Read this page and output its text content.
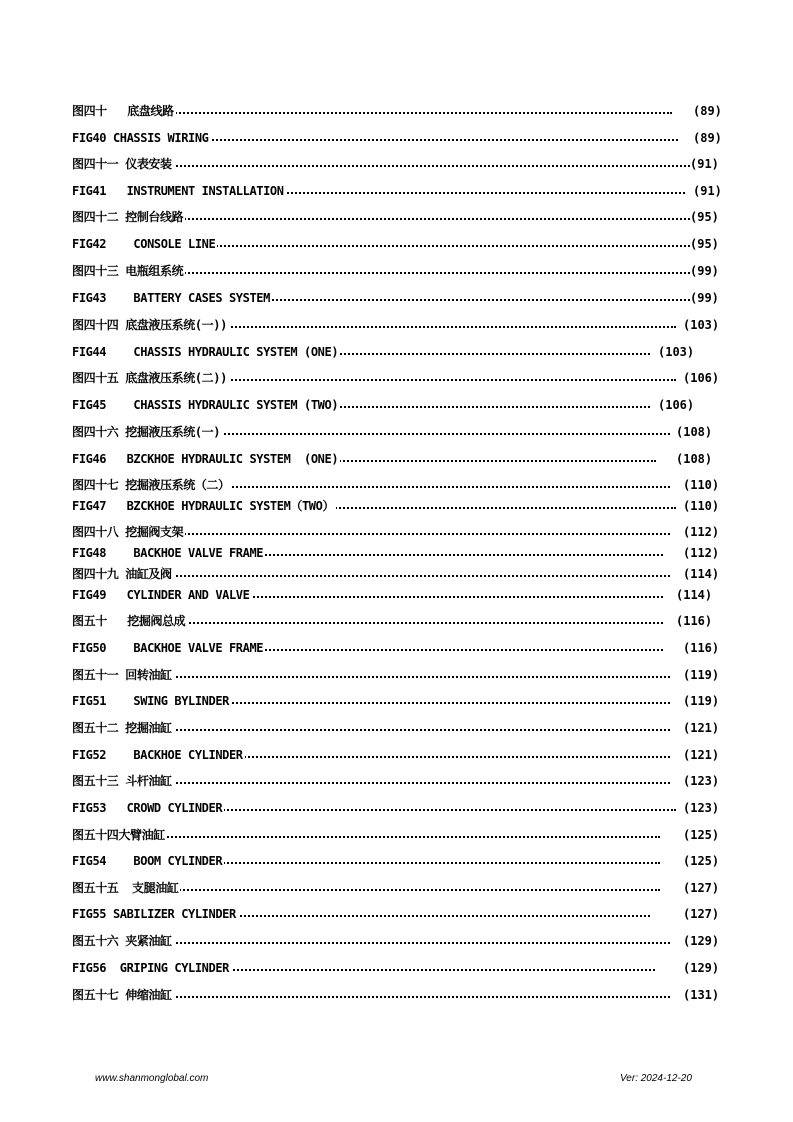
图四十   底盘线路	(89)
FIG40 CHASSIS WIRING	(89)
图四十一 仪表安装	(91)
FIG41   INSTRUMENT INSTALLATION	(91)
图四十二 控制台线路	(95)
FIG42    CONSOLE LINE	(95)
图四十三 电瓶组系统	(99)
FIG43    BATTERY CASES SYSTEM	(99)
图四十四 底盘液压系统(一))	(103)
FIG44    CHASSIS HYDRAULIC SYSTEM (ONE)	(103)
图四十五 底盘液压系统(二))	(106)
FIG45    CHASSIS HYDRAULIC SYSTEM (TWO)	(106)
图四十六 挖掘液压系统(一)	(108)
FIG46   BZCKHOE HYDRAULIC SYSTEM  (ONE)	(108)
图四十七 挖掘液压系统（二）	(110)
FIG47   BZCKHOE HYDRAULIC SYSTEM（TWO）	(110)
图四十八 挖掘阀支架	(112)
FIG48    BACKHOE VALVE FRAME	(112)
图四十九 油缸及阀	(114)
FIG49   CYLINDER AND VALVE	(114)
图五十   挖掘阀总成	(116)
FIG50    BACKHOE VALVE FRAME	(116)
图五十一 回转油缸	(119)
FIG51    SWING BYLINDER	(119)
图五十二 挖掘油缸	(121)
FIG52    BACKHOE CYLINDER	(121)
图五十三 斗杆油缸	(123)
FIG53   CROWD CYLINDER	(123)
图五十四大臂油缸	(125)
FIG54    BOOM CYLINDER	(125)
图五十五  支腿油缸	(127)
FIG55 SABILIZER CYLINDER	(127)
图五十六 夹紧油缸	(129)
FIG56  GRIPING CYLINDER	(129)
图五十七 伸缩油缸	(131)
www.shanmonglobal.com	Ver: 2024-12-20
